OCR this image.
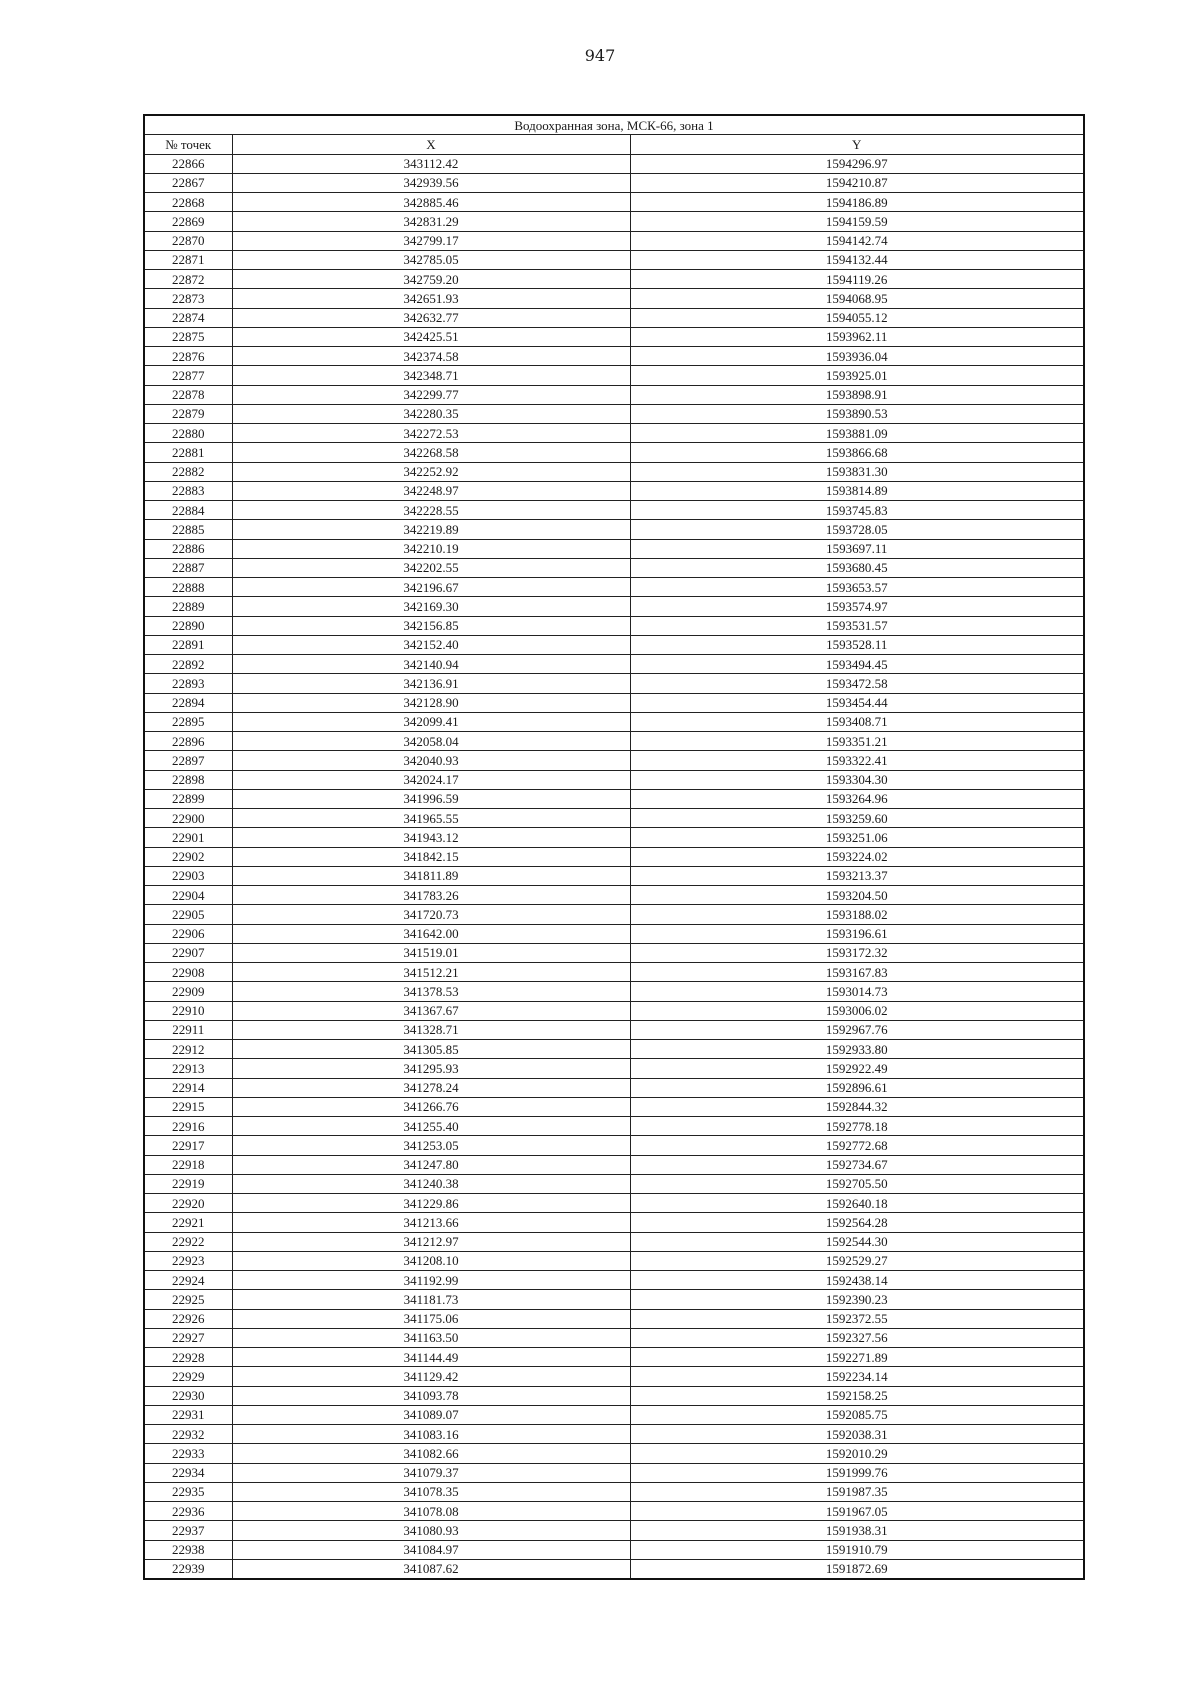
947
Водоохранная зона, МСК-66, зона 1		
№ точек	X	Y
22866	343112.42	1594296.97
22867	342939.56	1594210.87
22868	342885.46	1594186.89
22869	342831.29	1594159.59
22870	342799.17	1594142.74
22871	342785.05	1594132.44
22872	342759.20	1594119.26
22873	342651.93	1594068.95
22874	342632.77	1594055.12
22875	342425.51	1593962.11
22876	342374.58	1593936.04
22877	342348.71	1593925.01
22878	342299.77	1593898.91
22879	342280.35	1593890.53
22880	342272.53	1593881.09
22881	342268.58	1593866.68
22882	342252.92	1593831.30
22883	342248.97	1593814.89
22884	342228.55	1593745.83
22885	342219.89	1593728.05
22886	342210.19	1593697.11
22887	342202.55	1593680.45
22888	342196.67	1593653.57
22889	342169.30	1593574.97
22890	342156.85	1593531.57
22891	342152.40	1593528.11
22892	342140.94	1593494.45
22893	342136.91	1593472.58
22894	342128.90	1593454.44
22895	342099.41	1593408.71
22896	342058.04	1593351.21
22897	342040.93	1593322.41
22898	342024.17	1593304.30
22899	341996.59	1593264.96
22900	341965.55	1593259.60
22901	341943.12	1593251.06
22902	341842.15	1593224.02
22903	341811.89	1593213.37
22904	341783.26	1593204.50
22905	341720.73	1593188.02
22906	341642.00	1593196.61
22907	341519.01	1593172.32
22908	341512.21	1593167.83
22909	341378.53	1593014.73
22910	341367.67	1593006.02
22911	341328.71	1592967.76
22912	341305.85	1592933.80
22913	341295.93	1592922.49
22914	341278.24	1592896.61
22915	341266.76	1592844.32
22916	341255.40	1592778.18
22917	341253.05	1592772.68
22918	341247.80	1592734.67
22919	341240.38	1592705.50
22920	341229.86	1592640.18
22921	341213.66	1592564.28
22922	341212.97	1592544.30
22923	341208.10	1592529.27
22924	341192.99	1592438.14
22925	341181.73	1592390.23
22926	341175.06	1592372.55
22927	341163.50	1592327.56
22928	341144.49	1592271.89
22929	341129.42	1592234.14
22930	341093.78	1592158.25
22931	341089.07	1592085.75
22932	341083.16	1592038.31
22933	341082.66	1592010.29
22934	341079.37	1591999.76
22935	341078.35	1591987.35
22936	341078.08	1591967.05
22937	341080.93	1591938.31
22938	341084.97	1591910.79
22939	341087.62	1591872.69
